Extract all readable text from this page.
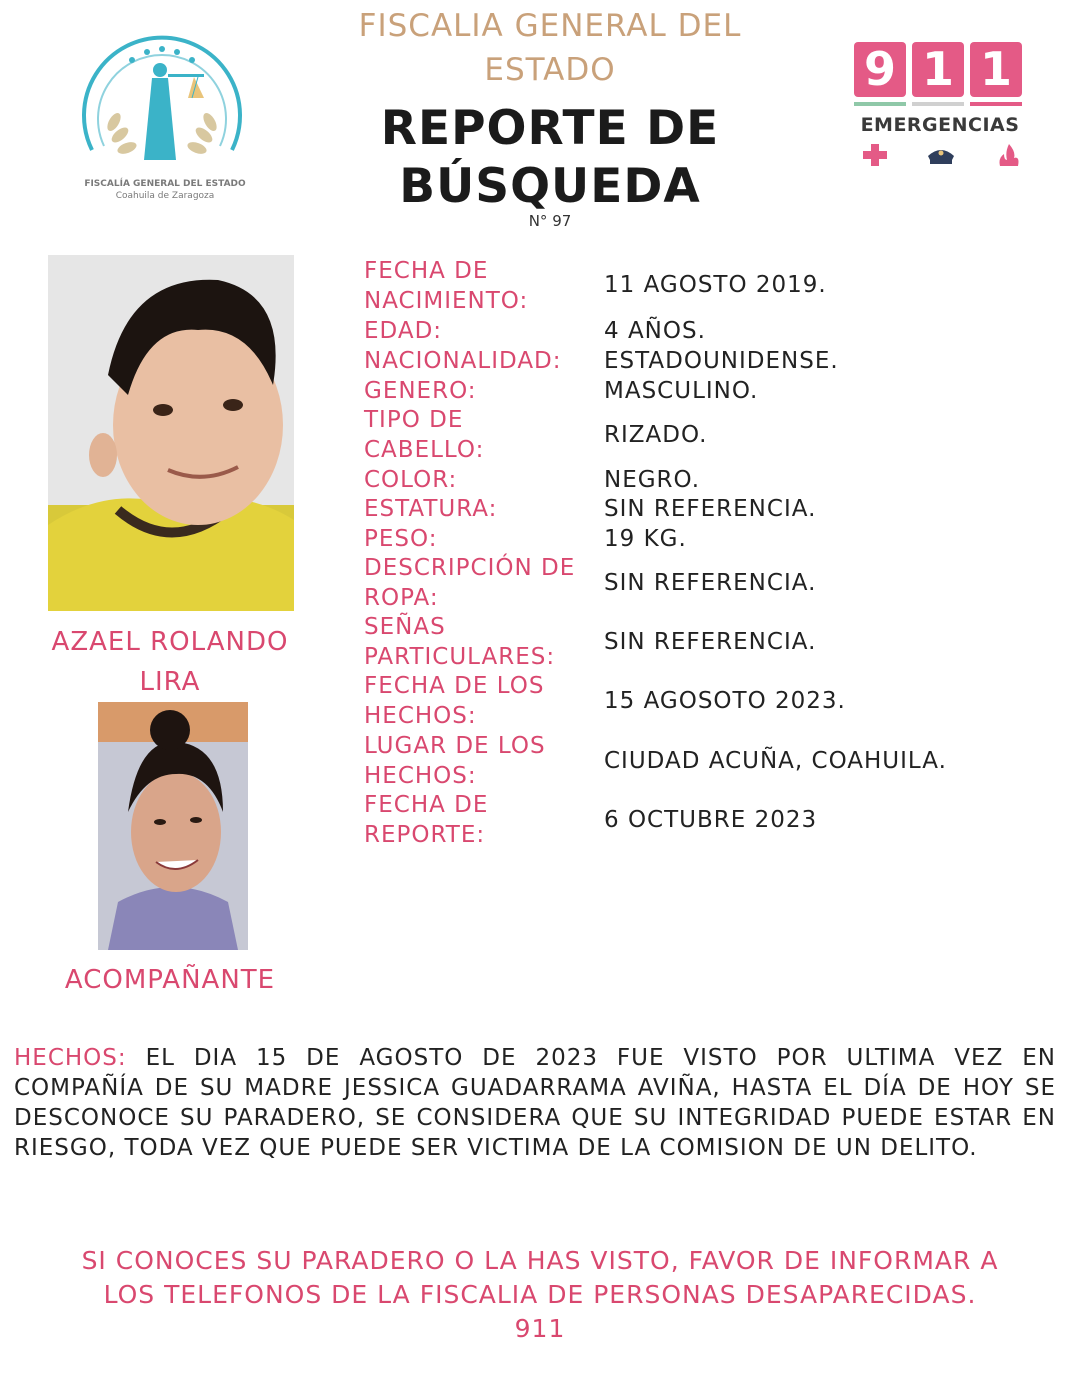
FISCALÍA GENERAL DEL ESTADO
Coahuila de Zaragoza
FISCALIA GENERAL DEL
ESTADO
REPORTE DE
BÚSQUEDA
N° 97
9 1 1
EMERGENCIAS
AZAEL ROLANDO
LIRA
ACOMPAÑANTE
FECHA DE NACIMIENTO:
11 AGOSTO 2019.
EDAD:	4 AÑOS.
NACIONALIDAD:	ESTADOUNIDENSE.
GENERO:	MASCULINO.
TIPO DE CABELLO:
RIZADO.
COLOR:	NEGRO.
ESTATURA:	SIN REFERENCIA.
PESO:	19 KG.
DESCRIPCIÓN DE ROPA:
SIN REFERENCIA.
SEÑAS PARTICULARES:
SIN REFERENCIA.
FECHA DE LOS HECHOS:
15 AGOSOTO 2023.
LUGAR DE LOS HECHOS:
CIUDAD ACUÑA, COAHUILA.
FECHA DE REPORTE:
6 OCTUBRE 2023
HECHOS: EL DIA 15 DE AGOSTO DE 2023 FUE VISTO POR ULTIMA VEZ EN COMPAÑÍA DE SU MADRE JESSICA GUADARRAMA AVIÑA, HASTA EL DÍA DE HOY SE DESCONOCE SU PARADERO, SE CONSIDERA QUE SU INTEGRIDAD PUEDE ESTAR EN RIESGO, TODA VEZ QUE PUEDE SER VICTIMA DE LA COMISION DE UN DELITO.
SI CONOCES SU PARADERO O LA HAS VISTO, FAVOR DE INFORMAR A
LOS TELEFONOS DE LA FISCALIA DE PERSONAS DESAPARECIDAS.
911
